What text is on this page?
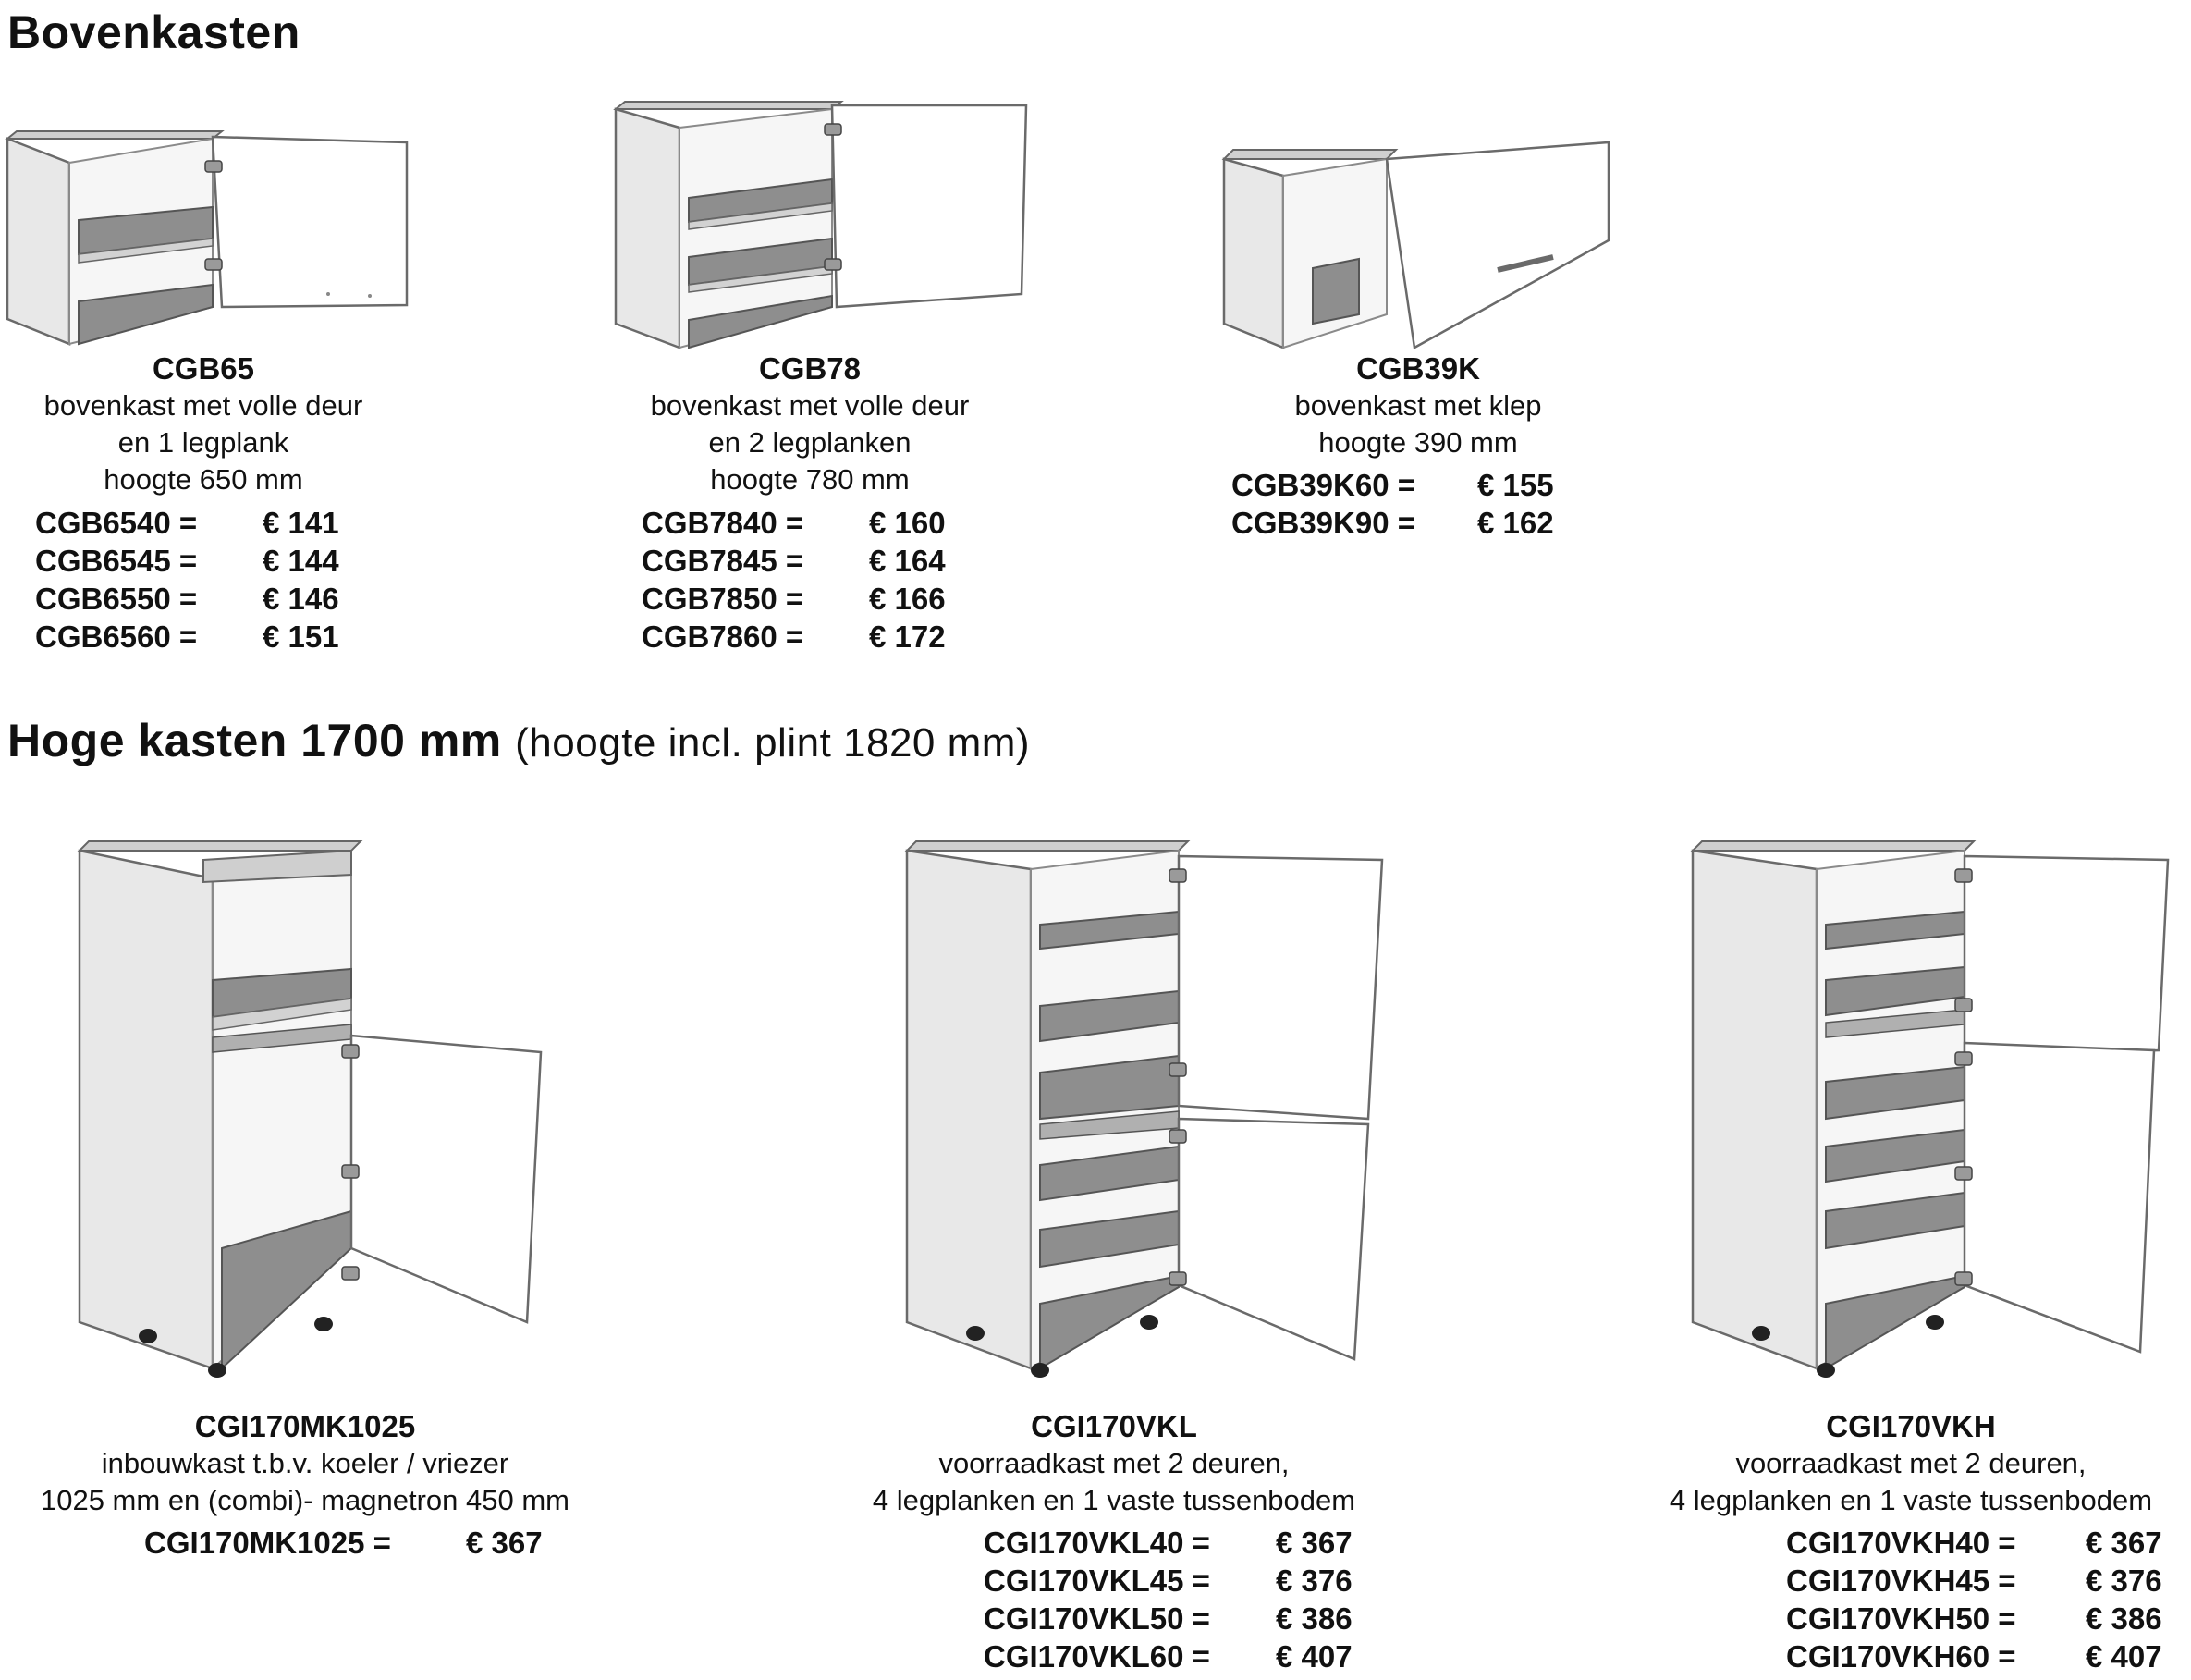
Bovenkasten
Hoge kasten 1700 mm (hoogte incl. plint 1820 mm)
CGB65
bovenkast met volle deur
en 1 legplank
hoogte 650 mm
CGB6540 =	€ 141
CGB6545 =	€ 144
CGB6550 =	€ 146
CGB6560 =	€ 151
CGB78
bovenkast met volle deur
en 2 legplanken
hoogte 780 mm
CGB7840 =	€ 160
CGB7845 =	€ 164
CGB7850 =	€ 166
CGB7860 =	€ 172
CGB39K
bovenkast met klep
hoogte 390 mm
CGB39K60 =	€ 155
CGB39K90 =	€ 162
CGI170MK1025
inbouwkast t.b.v. koeler / vriezer
1025 mm en (combi)- magnetron 450 mm
CGI170MK1025 =	€ 367
CGI170VKL
voorraadkast met 2 deuren,
4 legplanken en 1 vaste tussenbodem
CGI170VKL40 =	€ 367
CGI170VKL45 =	€ 376
CGI170VKL50 =	€ 386
CGI170VKL60 =	€ 407
CGI170VKH
voorraadkast met 2 deuren,
4 legplanken en 1 vaste tussenbodem
CGI170VKH40 =	€ 367
CGI170VKH45 =	€ 376
CGI170VKH50 =	€ 386
CGI170VKH60 =	€ 407
